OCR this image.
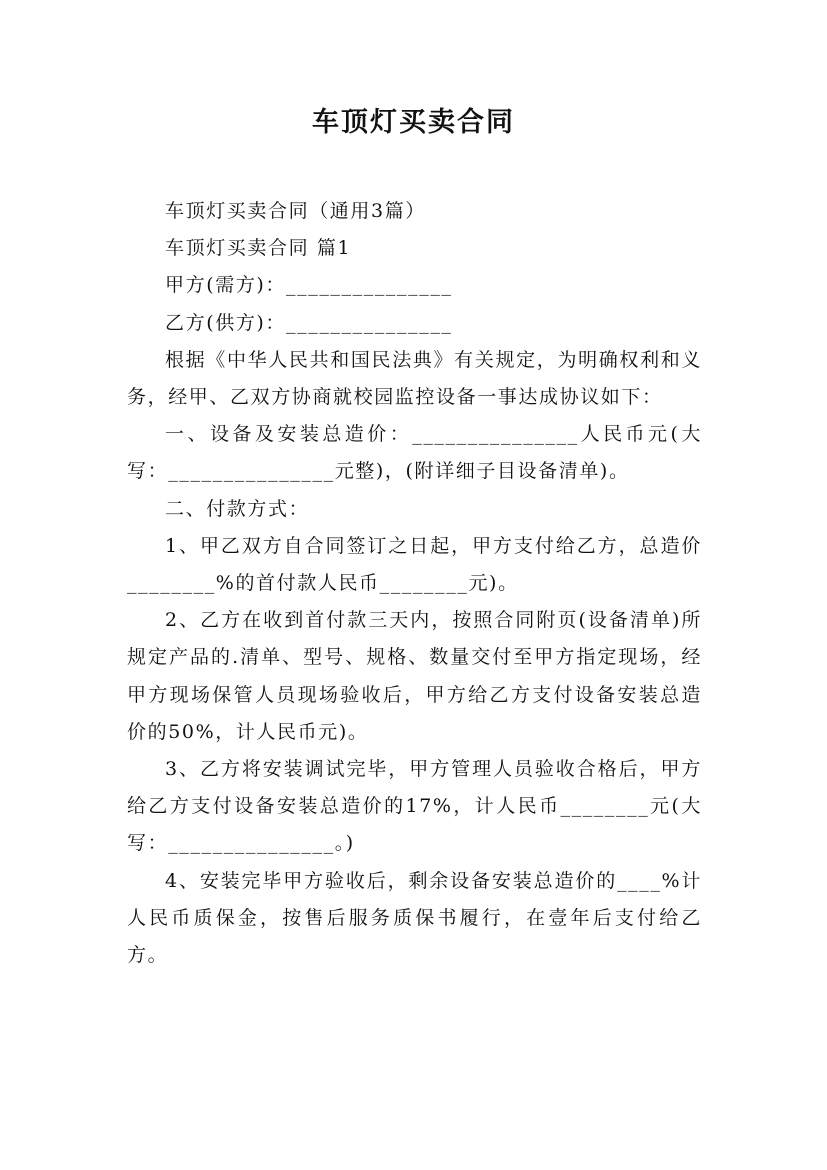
车顶灯买卖合同

车顶灯买卖合同（通用3篇）

车顶灯买卖合同 篇1

甲方(需方)：_______________

乙方(供方)：_______________

根据《中华人民共和国民法典》有关规定，为明确权利和义务，经甲、乙双方协商就校园监控设备一事达成协议如下：

一、设备及安装总造价：_______________人民币元(大写：_______________元整)，(附详细子目设备清单)。

二、付款方式：

1、甲乙双方自合同签订之日起，甲方支付给乙方，总造价________%的首付款人民币________元)。

2、乙方在收到首付款三天内，按照合同附页(设备清单)所规定产品的.清单、型号、规格、数量交付至甲方指定现场，经甲方现场保管人员现场验收后，甲方给乙方支付设备安装总造价的50%，计人民币元)。

3、乙方将安装调试完毕，甲方管理人员验收合格后，甲方给乙方支付设备安装总造价的17%，计人民币________元(大写：_______________。)

4、安装完毕甲方验收后，剩余设备安装总造价的____%计人民币质保金，按售后服务质保书履行，在壹年后支付给乙方。
